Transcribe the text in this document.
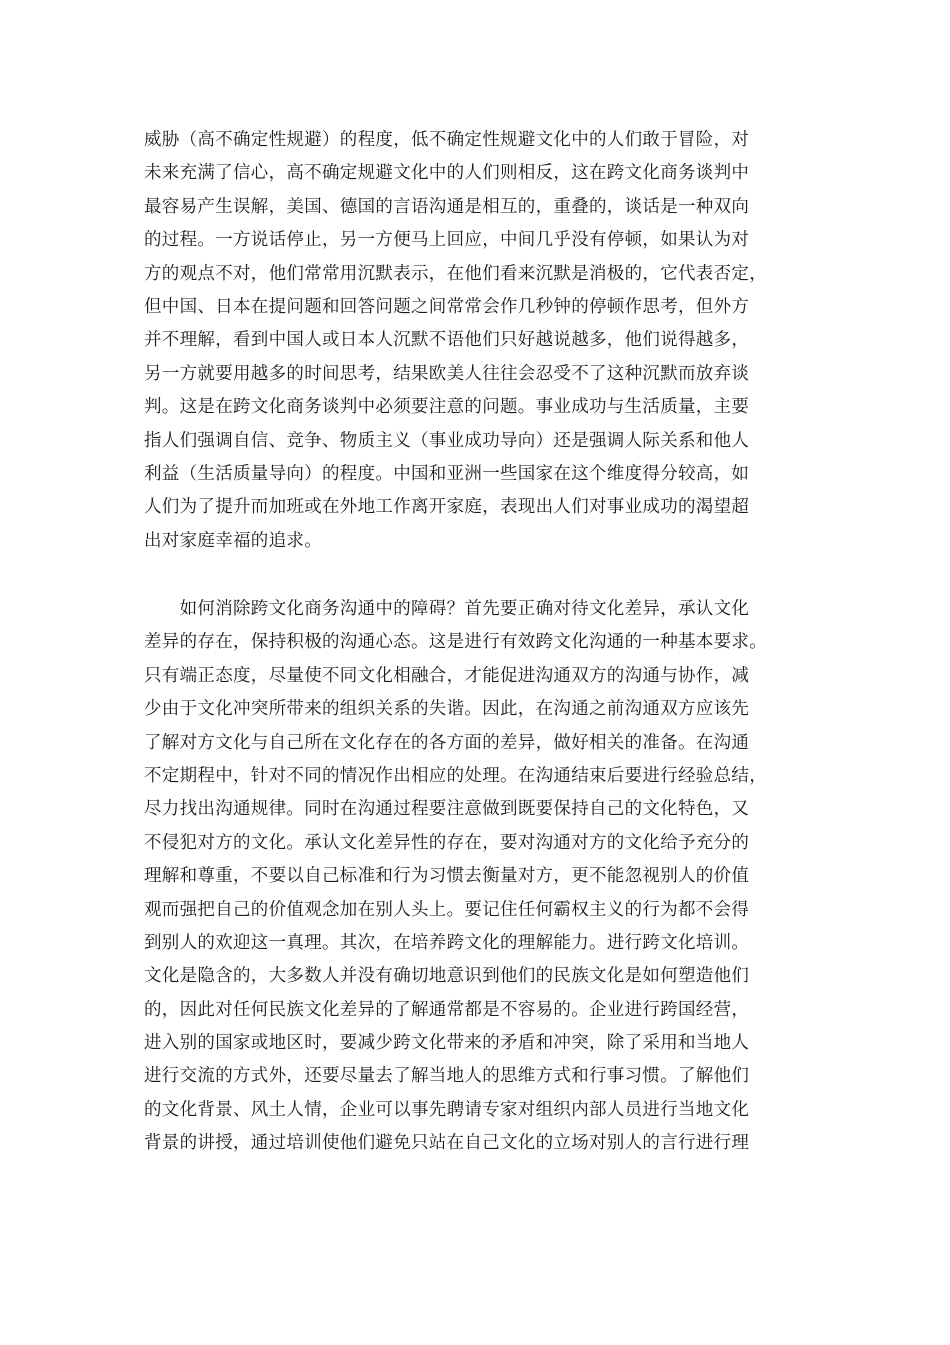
威胁（高不确定性规避）的程度，低不确定性规避文化中的人们敢于冒险，对
未来充满了信心，高不确定规避文化中的人们则相反，这在跨文化商务谈判中
最容易产生误解，美国、德国的言语沟通是相互的，重叠的，谈话是一种双向
的过程。一方说话停止，另一方便马上回应，中间几乎没有停顿，如果认为对
方的观点不对，他们常常用沉默表示，在他们看来沉默是消极的，它代表否定，
但中国、日本在提问题和回答问题之间常常会作几秒钟的停顿作思考，但外方
并不理解，看到中国人或日本人沉默不语他们只好越说越多，他们说得越多，
另一方就要用越多的时间思考，结果欧美人往往会忍受不了这种沉默而放弃谈
判。这是在跨文化商务谈判中必须要注意的问题。事业成功与生活质量，主要
指人们强调自信、竞争、物质主义（事业成功导向）还是强调人际关系和他人
利益（生活质量导向）的程度。中国和亚洲一些国家在这个维度得分较高，如
人们为了提升而加班或在外地工作离开家庭，表现出人们对事业成功的渴望超
出对家庭幸福的追求。
　　如何消除跨文化商务沟通中的障碍？首先要正确对待文化差异，承认文化
差异的存在，保持积极的沟通心态。这是进行有效跨文化沟通的一种基本要求。
只有端正态度，尽量使不同文化相融合，才能促进沟通双方的沟通与协作，减
少由于文化冲突所带来的组织关系的失谐。因此，在沟通之前沟通双方应该先
了解对方文化与自己所在文化存在的各方面的差异，做好相关的准备。在沟通
不定期程中，针对不同的情况作出相应的处理。在沟通结束后要进行经验总结，
尽力找出沟通规律。同时在沟通过程要注意做到既要保持自己的文化特色，又
不侵犯对方的文化。承认文化差异性的存在，要对沟通对方的文化给予充分的
理解和尊重，不要以自己标准和行为习惯去衡量对方，更不能忽视别人的价值
观而强把自己的价值观念加在别人头上。要记住任何霸权主义的行为都不会得
到别人的欢迎这一真理。其次，在培养跨文化的理解能力。进行跨文化培训。
文化是隐含的，大多数人并没有确切地意识到他们的民族文化是如何塑造他们
的，因此对任何民族文化差异的了解通常都是不容易的。企业进行跨国经营，
进入别的国家或地区时，要减少跨文化带来的矛盾和冲突，除了采用和当地人
进行交流的方式外，还要尽量去了解当地人的思维方式和行事习惯。了解他们
的文化背景、风土人情，企业可以事先聘请专家对组织内部人员进行当地文化
背景的讲授，通过培训使他们避免只站在自己文化的立场对别人的言行进行理
